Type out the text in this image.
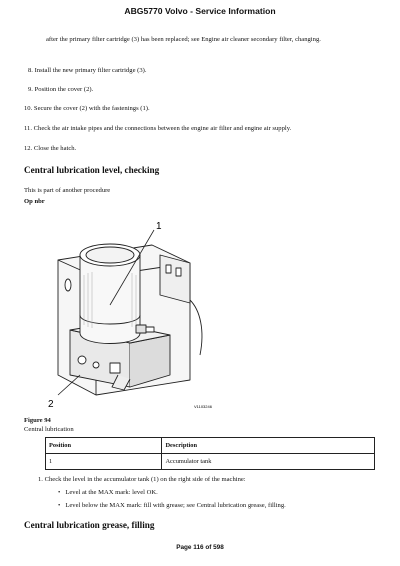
ABG5770 Volvo - Service Information
after the primary filter cartridge (3) has been replaced; see Engine air cleaner secondary filter, changing.
8. Install the new primary filter cartridge (3).
9. Position the cover (2).
10. Secure the cover (2) with the fastenings (1).
11. Check the air intake pipes and the connections between the engine air filter and engine air supply.
12. Close the hatch.
Central lubrication level, checking
This is part of another procedure
Op nbr
1
2	V1103246
Figure 94
Central lubrication
Position	Description
1	Accumulator tank
1. Check the level in the accumulator tank (1) on the right side of the machine:
• Level at the MAX mark: level OK.
• Level below the MAX mark: fill with grease; see Central lubrication grease, filling.
Central lubrication grease, filling
Page 116 of 598
